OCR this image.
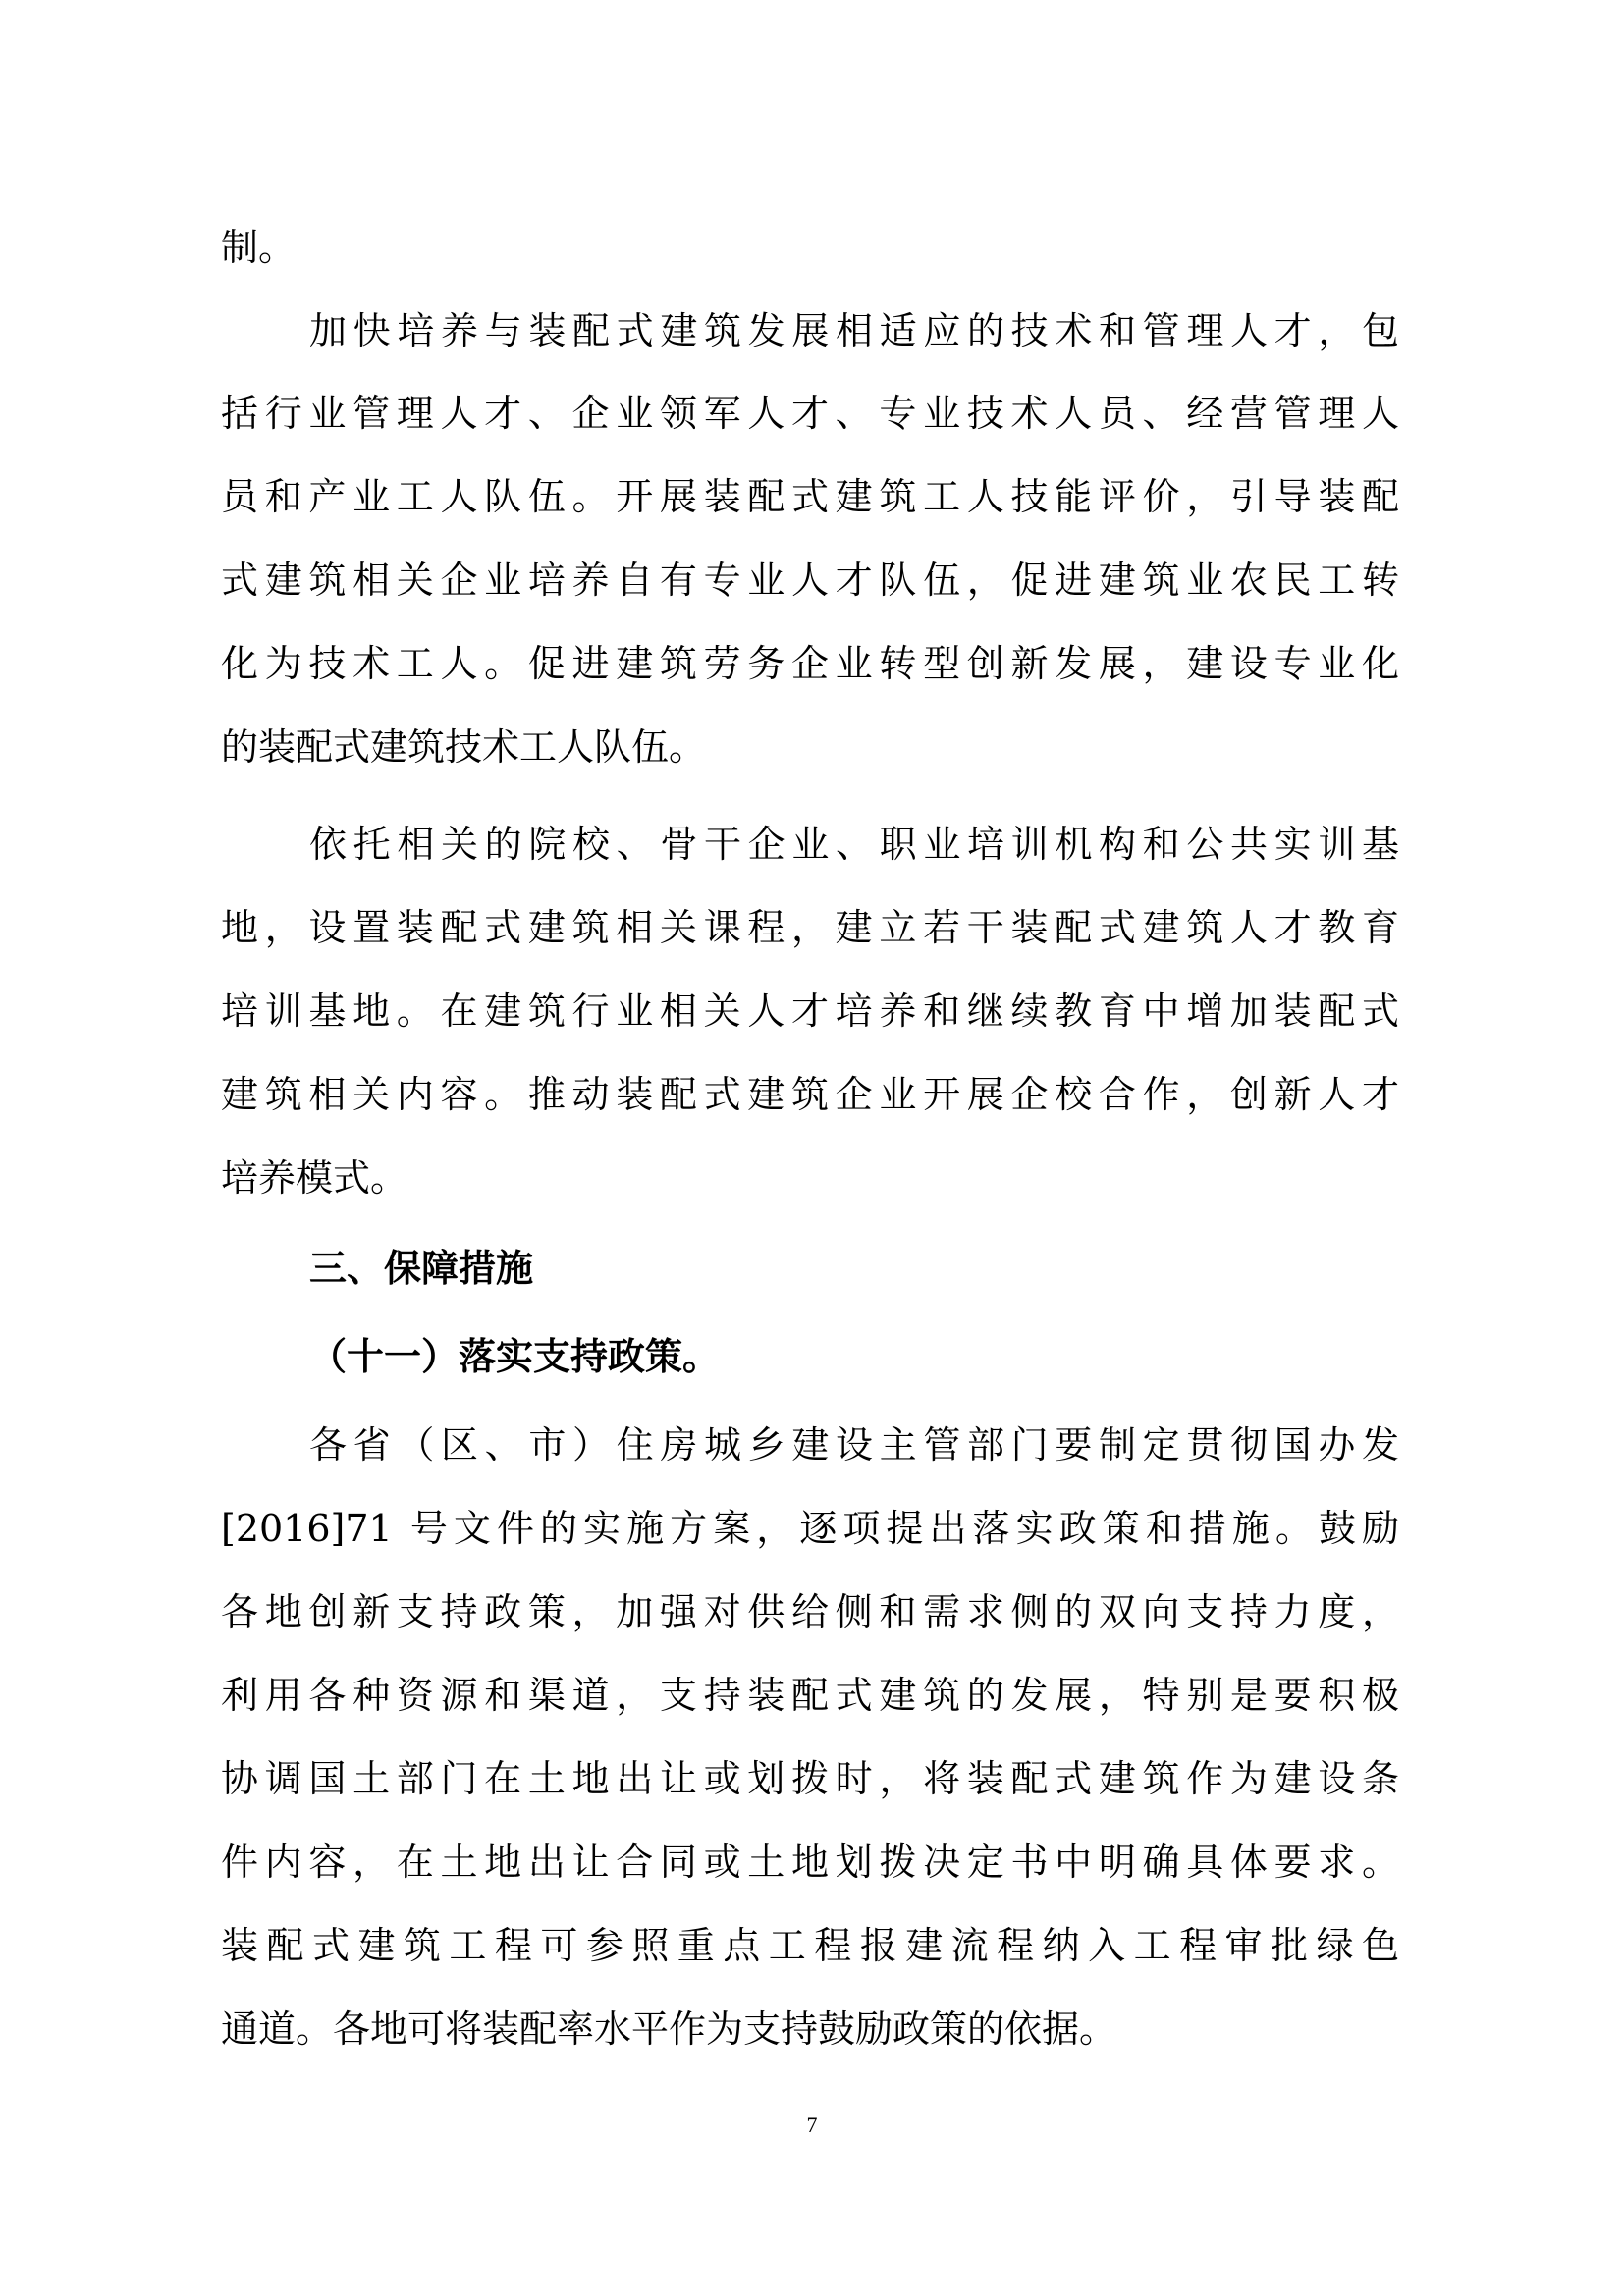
制。
加快培养与装配式建筑发展相适应的技术和管理人才，包
括行业管理人才、企业领军人才、专业技术人员、经营管理人
员和产业工人队伍。开展装配式建筑工人技能评价，引导装配
式建筑相关企业培养自有专业人才队伍，促进建筑业农民工转
化为技术工人。促进建筑劳务企业转型创新发展，建设专业化
的装配式建筑技术工人队伍。
依托相关的院校、骨干企业、职业培训机构和公共实训基
地，设置装配式建筑相关课程，建立若干装配式建筑人才教育
培训基地。在建筑行业相关人才培养和继续教育中增加装配式
建筑相关内容。推动装配式建筑企业开展企校合作，创新人才
培养模式。
三、保障措施
（十一）落实支持政策。
各省（区、市）住房城乡建设主管部门要制定贯彻国办发
[2016]71 号文件的实施方案，逐项提出落实政策和措施。鼓励
各地创新支持政策，加强对供给侧和需求侧的双向支持力度，
利用各种资源和渠道，支持装配式建筑的发展，特别是要积极
协调国土部门在土地出让或划拨时，将装配式建筑作为建设条
件内容，在土地出让合同或土地划拨决定书中明确具体要求。
装配式建筑工程可参照重点工程报建流程纳入工程审批绿色
通道。各地可将装配率水平作为支持鼓励政策的依据。
7
